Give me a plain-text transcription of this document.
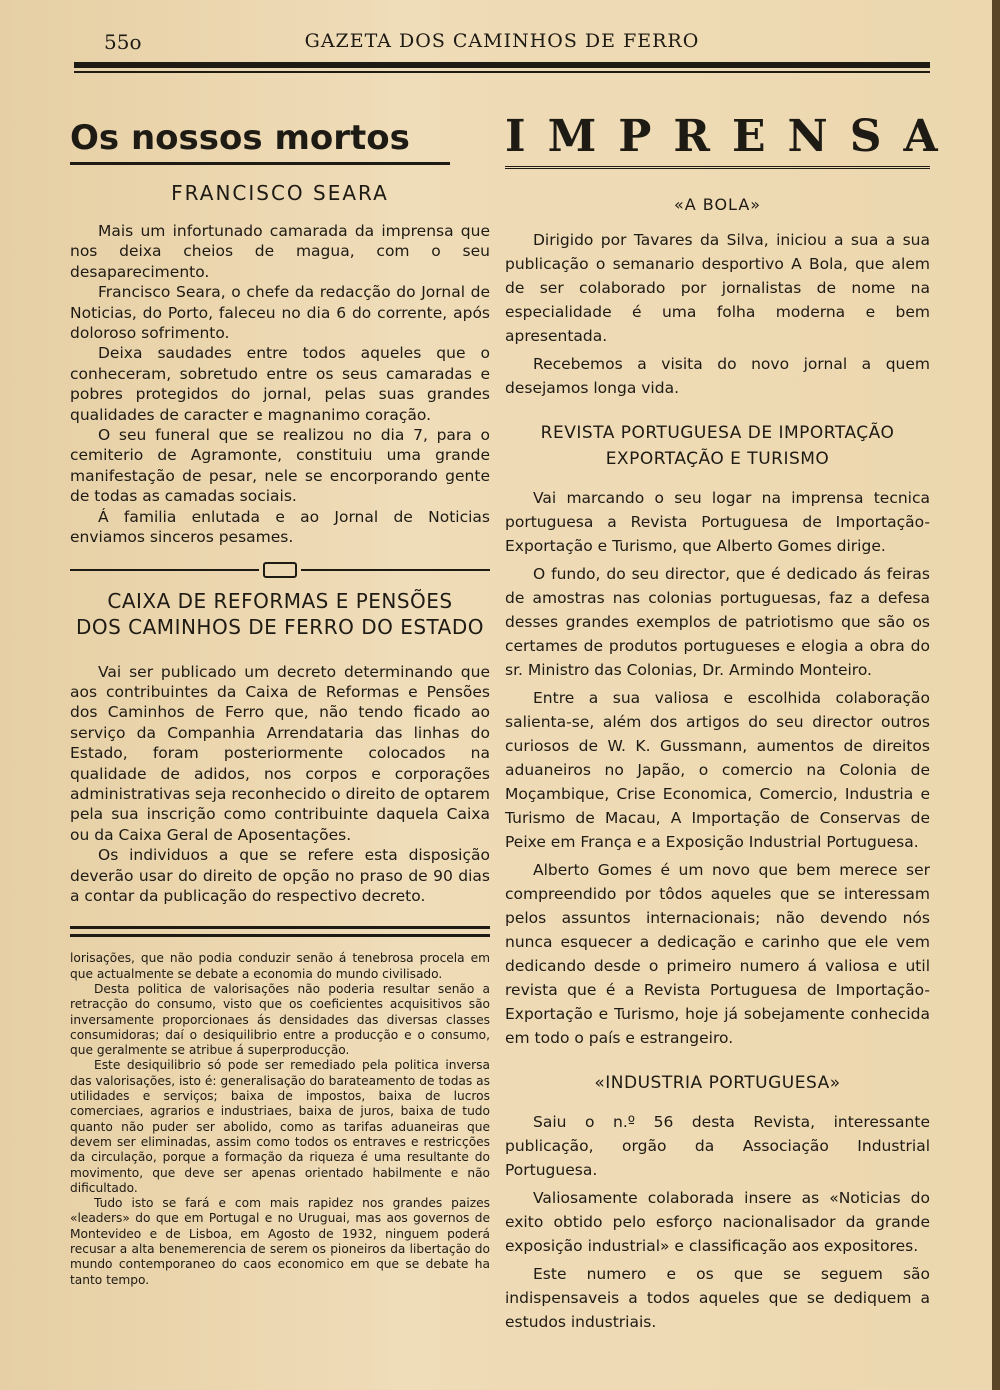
55o	GAZETA DOS CAMINHOS DE FERRO
Os nossos mortos
FRANCISCO SEARA

Mais um infortunado camarada da imprensa que nos deixa cheios de magua, com o seu desaparecimento.

Francisco Seara, o chefe da redacção do Jornal de Noticias, do Porto, faleceu no dia 6 do corrente, após doloroso sofrimento.

Deixa saudades entre todos aqueles que o conheceram, sobretudo entre os seus camaradas e pobres protegidos do jornal, pelas suas grandes qualidades de caracter e magnanimo coração.

O seu funeral que se realizou no dia 7, para o cemiterio de Agramonte, constituiu uma grande manifestação de pesar, nele se encorporando gente de todas as camadas sociais.

Á familia enlutada e ao Jornal de Noticias enviamos sinceros pesames.

CAIXA DE REFORMAS E PENSÕES
DOS CAMINHOS DE FERRO DO ESTADO

Vai ser publicado um decreto determinando que aos contribuintes da Caixa de Reformas e Pensões dos Caminhos de Ferro que, não tendo ficado ao serviço da Companhia Arrendataria das linhas do Estado, foram posteriormente colocados na qualidade de adidos, nos corpos e corporações administrativas seja reconhecido o direito de optarem pela sua inscrição como contribuinte daquela Caixa ou da Caixa Geral de Aposentações.

Os individuos a que se refere esta disposição deverão usar do direito de opção no praso de 90 dias a contar da publicação do respectivo decreto.

lorisações, que não podia conduzir senão á tenebrosa procela em que actualmente se debate a economia do mundo civilisado.

Desta politica de valorisações não poderia resultar senão a retracção do consumo, visto que os coeficientes acquisitivos são inversamente proporcionaes ás densidades das diversas classes consumidoras; daí o desiquilibrio entre a producção e o consumo, que geralmente se atribue á superproducção.

Este desiquilibrio só pode ser remediado pela politica inversa das valorisações, isto é: generalisação do barateamento de todas as utilidades e serviços; baixa de impostos, baixa de lucros comerciaes, agrarios e industriaes, baixa de juros, baixa de tudo quanto não puder ser abolido, como as tarifas aduaneiras que devem ser eliminadas, assim como todos os entraves e restricções da circulação, porque a formação da riqueza é uma resultante do movimento, que deve ser apenas orientado habilmente e não dificultado.

Tudo isto se fará e com mais rapidez nos grandes paizes «leaders» do que em Portugal e no Uruguai, mas aos governos de Montevideo e de Lisboa, em Agosto de 1932, ninguem poderá recusar a alta benemerencia de serem os pioneiros da libertação do mundo contemporaneo do caos economico em que se debate ha tanto tempo.

IMPRENSA
«A BOLA»

Dirigido por Tavares da Silva, iniciou a sua a sua publicação o semanario desportivo A Bola, que alem de ser colaborado por jornalistas de nome na especialidade é uma folha moderna e bem apresentada.

Recebemos a visita do novo jornal a quem desejamos longa vida.

REVISTA PORTUGUESA DE IMPORTAÇÃO
EXPORTAÇÃO E TURISMO

Vai marcando o seu logar na imprensa tecnica portuguesa a Revista Portuguesa de Importação-Exportação e Turismo, que Alberto Gomes dirige.

O fundo, do seu director, que é dedicado ás feiras de amostras nas colonias portuguesas, faz a defesa desses grandes exemplos de patriotismo que são os certames de produtos portugueses e elogia a obra do sr. Ministro das Colonias, Dr. Armindo Monteiro.

Entre a sua valiosa e escolhida colaboração salienta-se, além dos artigos do seu director outros curiosos de W. K. Gussmann, aumentos de direitos aduaneiros no Japão, o comercio na Colonia de Moçambique, Crise Economica, Comercio, Industria e Turismo de Macau, A Importação de Conservas de Peixe em França e a Exposição Industrial Portuguesa.

Alberto Gomes é um novo que bem merece ser compreendido por tôdos aqueles que se interessam pelos assuntos internacionais; não devendo nós nunca esquecer a dedicação e carinho que ele vem dedicando desde o primeiro numero á valiosa e util revista que é a Revista Portuguesa de Importação-Exportação e Turismo, hoje já sobejamente conhecida em todo o país e estrangeiro.

«INDUSTRIA PORTUGUESA»

Saiu o n.º 56 desta Revista, interessante publicação, orgão da Associação Industrial Portuguesa.

Valiosamente colaborada insere as «Noticias do exito obtido pelo esforço nacionalisador da grande exposição industrial» e classificação aos expositores.

Este numero e os que se seguem são indispensaveis a todos aqueles que se dediquem a estudos industriais.
